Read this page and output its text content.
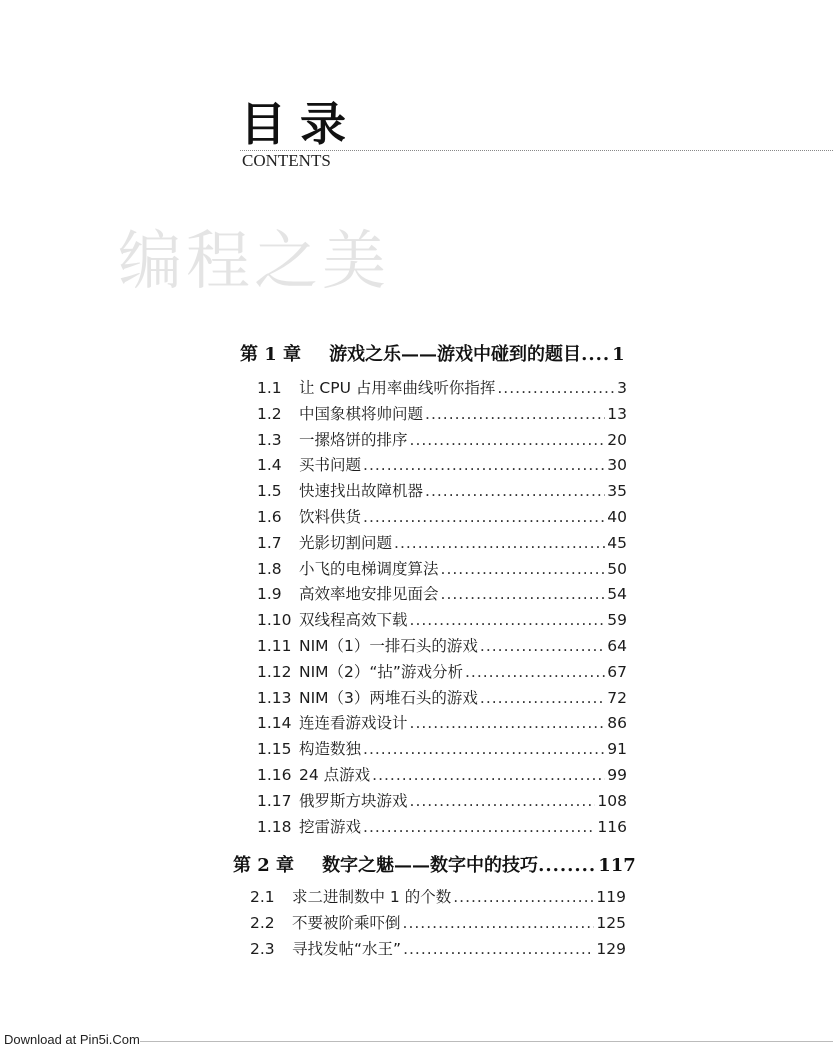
目录
CONTENTS
编程之美
第 1 章 游戏之乐——游戏中碰到的题目 .... 1
1.1	让 CPU 占用率曲线听你指挥 .....	3
1.2	中国象棋将帅问题 .....	13
1.3	一摞烙饼的排序 .....	20
1.4	买书问题 .....	30
1.5	快速找出故障机器 .....	35
1.6	饮料供货 .....	40
1.7	光影切割问题 .....	45
1.8	小飞的电梯调度算法 .....	50
1.9	高效率地安排见面会 .....	54
1.10 双线程高效下载 .....	59
1.11 NIM（1）一排石头的游戏 .....	64
1.12 NIM（2）“拈”游戏分析 .....	67
1.13 NIM（3）两堆石头的游戏 .....	72
1.14 连连看游戏设计 .....	86
1.15 构造数独 .....	91
1.16 24 点游戏 .....	99
1.17 俄罗斯方块游戏 .....	108
1.18 挖雷游戏 .....	116
第 2 章 数字之魅——数字中的技巧 ........ 117
2.1	求二进制数中 1 的个数 .....	119
2.2	不要被阶乘吓倒 .....	125
2.3	寻找发帖“水王” .....	129
Download at Pin5i.Com
